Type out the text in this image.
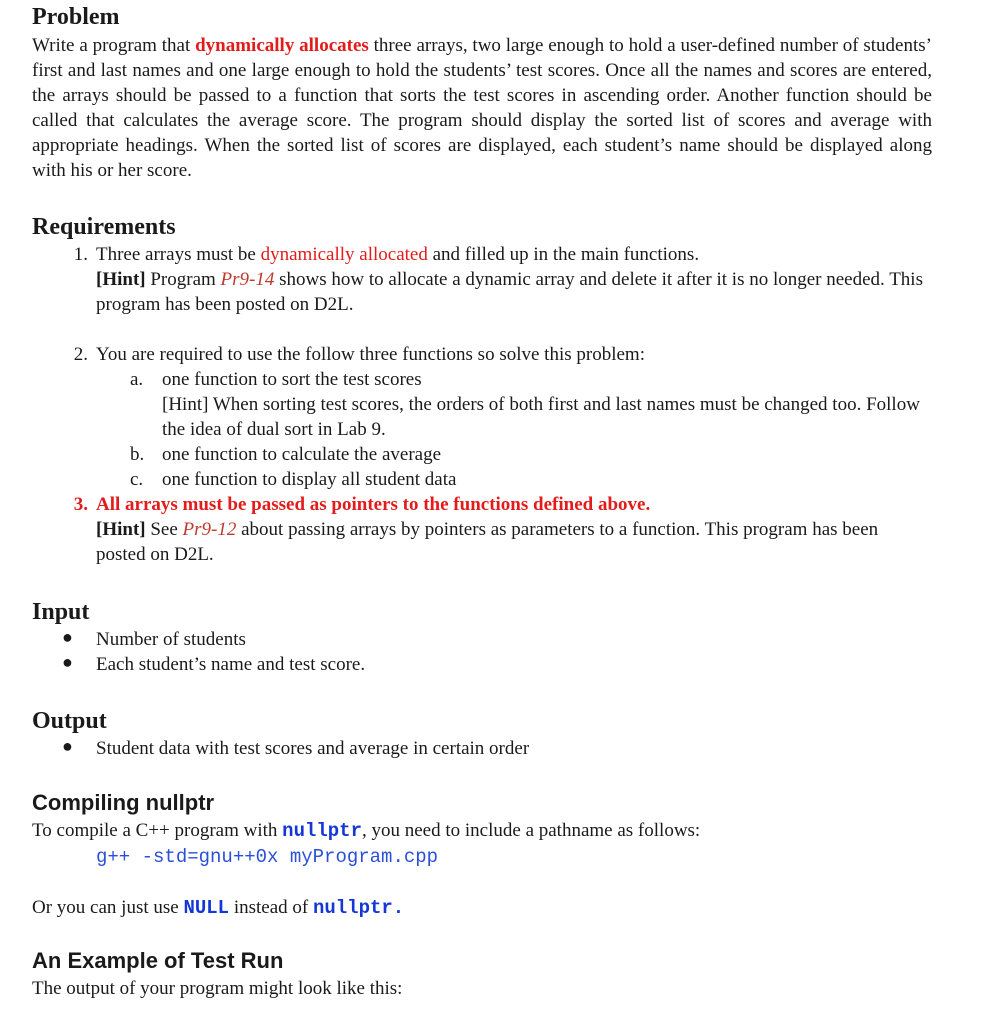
Problem

Write a program that dynamically allocates three arrays, two large enough to hold a user-defined number of students’ first and last names and one large enough to hold the students’ test scores. Once all the names and scores are entered, the arrays should be passed to a function that sorts the test scores in ascending order. Another function should be called that calculates the average score. The program should display the sorted list of scores and average with appropriate headings. When the sorted list of scores are displayed, each student’s name should be displayed along with his or her score.

Requirements
1. Three arrays must be dynamically allocated and filled up in the main functions.

[Hint] Program Pr9-14 shows how to allocate a dynamic array and delete it after it is no longer needed. This program has been posted on D2L.

2. You are required to use the follow three functions so solve this problem:

a. one function to sort the test scores

[Hint] When sorting test scores, the orders of both first and last names must be changed too. Follow the idea of dual sort in Lab 9.

b. one function to calculate the average

c. one function to display all student data

3. All arrays must be passed as pointers to the functions defined above.

[Hint] See Pr9-12 about passing arrays by pointers as parameters to a function. This program has been posted on D2L.

Input
● Number of students

● Each student’s name and test score.

Output
● Student data with test scores and average in certain order

Compiling nullptr

To compile a C++ program with nullptr, you need to include a pathname as follows:

g++ -std=gnu++0x myProgram.cpp

Or you can just use NULL instead of nullptr.

An Example of Test Run

The output of your program might look like this:
